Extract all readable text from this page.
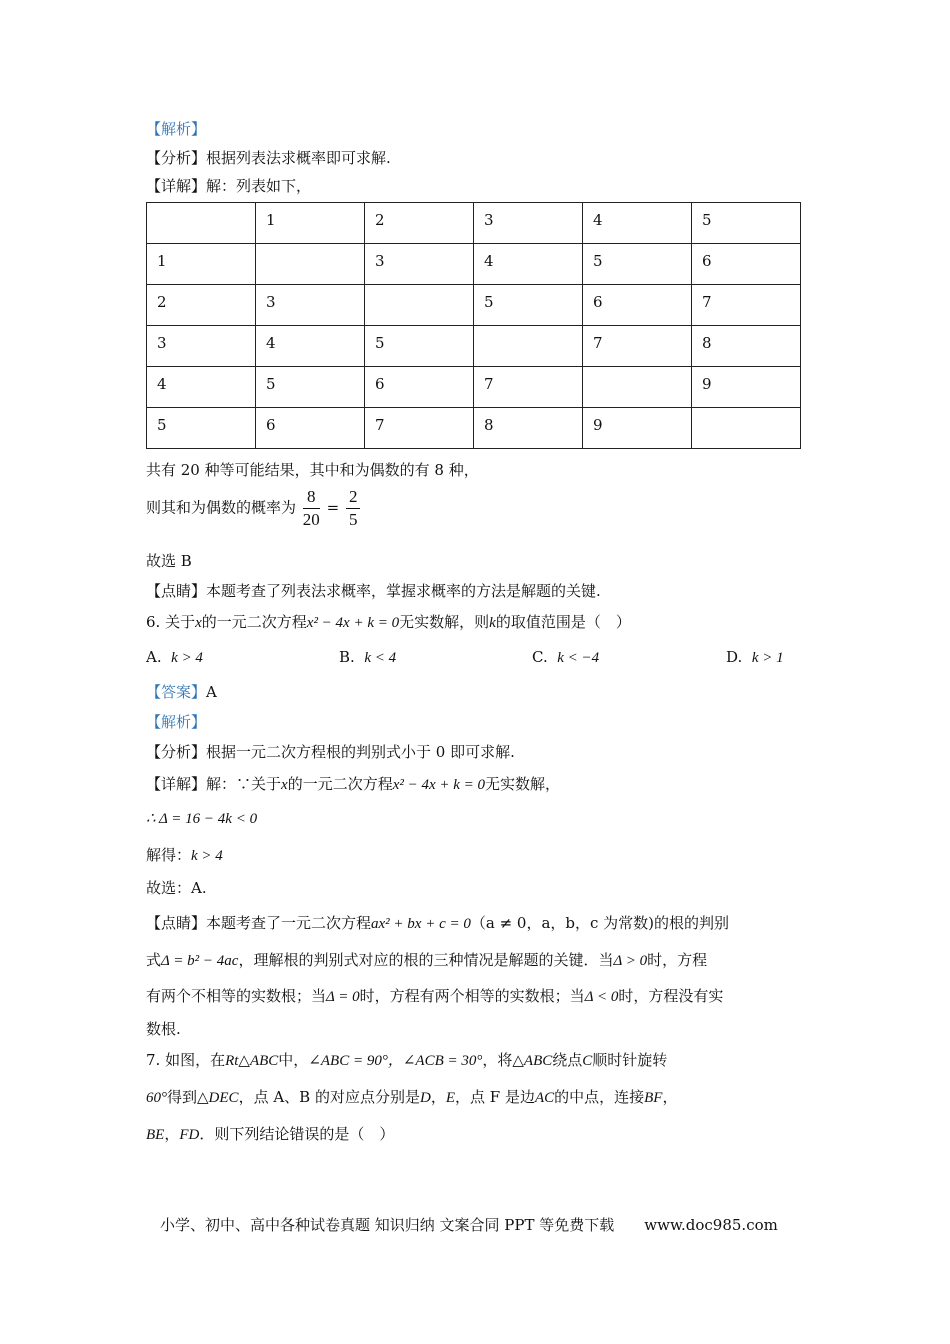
【解析】
【分析】根据列表法求概率即可求解.
【详解】解：列表如下，
	1	2	3	4	5
1		3	4	5	6
2	3		5	6	7
3	4	5		7	8
4	5	6	7		9
5	6	7	8	9	
共有 20 种等可能结果，其中和为偶数的有 8 种，
则其和为偶数的概率为 $\frac{8}{20} = \frac{2}{5}$
故选 B
【点睛】本题考查了列表法求概率，掌握求概率的方法是解题的关键.
6. 关于x的一元二次方程x² − 4x + k = 0无实数解，则k的取值范围是（　）
A. k > 4	B. k < 4	C. k < −4	D. k > 1
【答案】A
【解析】
【分析】根据一元二次方程根的判别式小于 0 即可求解.
【详解】解：∵关于x的一元二次方程x² − 4x + k = 0无实数解，
∴ Δ = 16 − 4k < 0
解得：k > 4
故选：A.
【点睛】本题考查了一元二次方程ax² + bx + c = 0（a ≠ 0，a，b，c 为常数)的根的判别
式Δ = b² − 4ac，理解根的判别式对应的根的三种情况是解题的关键．当Δ > 0时，方程
有两个不相等的实数根；当Δ = 0时，方程有两个相等的实数根；当Δ < 0时，方程没有实
数根.
7. 如图，在Rt△ABC中，∠ABC = 90°，∠ACB = 30°，将△ABC绕点C顺时针旋转
60°得到△DEC，点 A、B 的对应点分别是D，E，点 F 是边AC的中点，连接BF，
BE，FD．则下列结论错误的是（　）
小学、初中、高中各种试卷真题 知识归纳 文案合同 PPT 等免费下载　　www.doc985.com
